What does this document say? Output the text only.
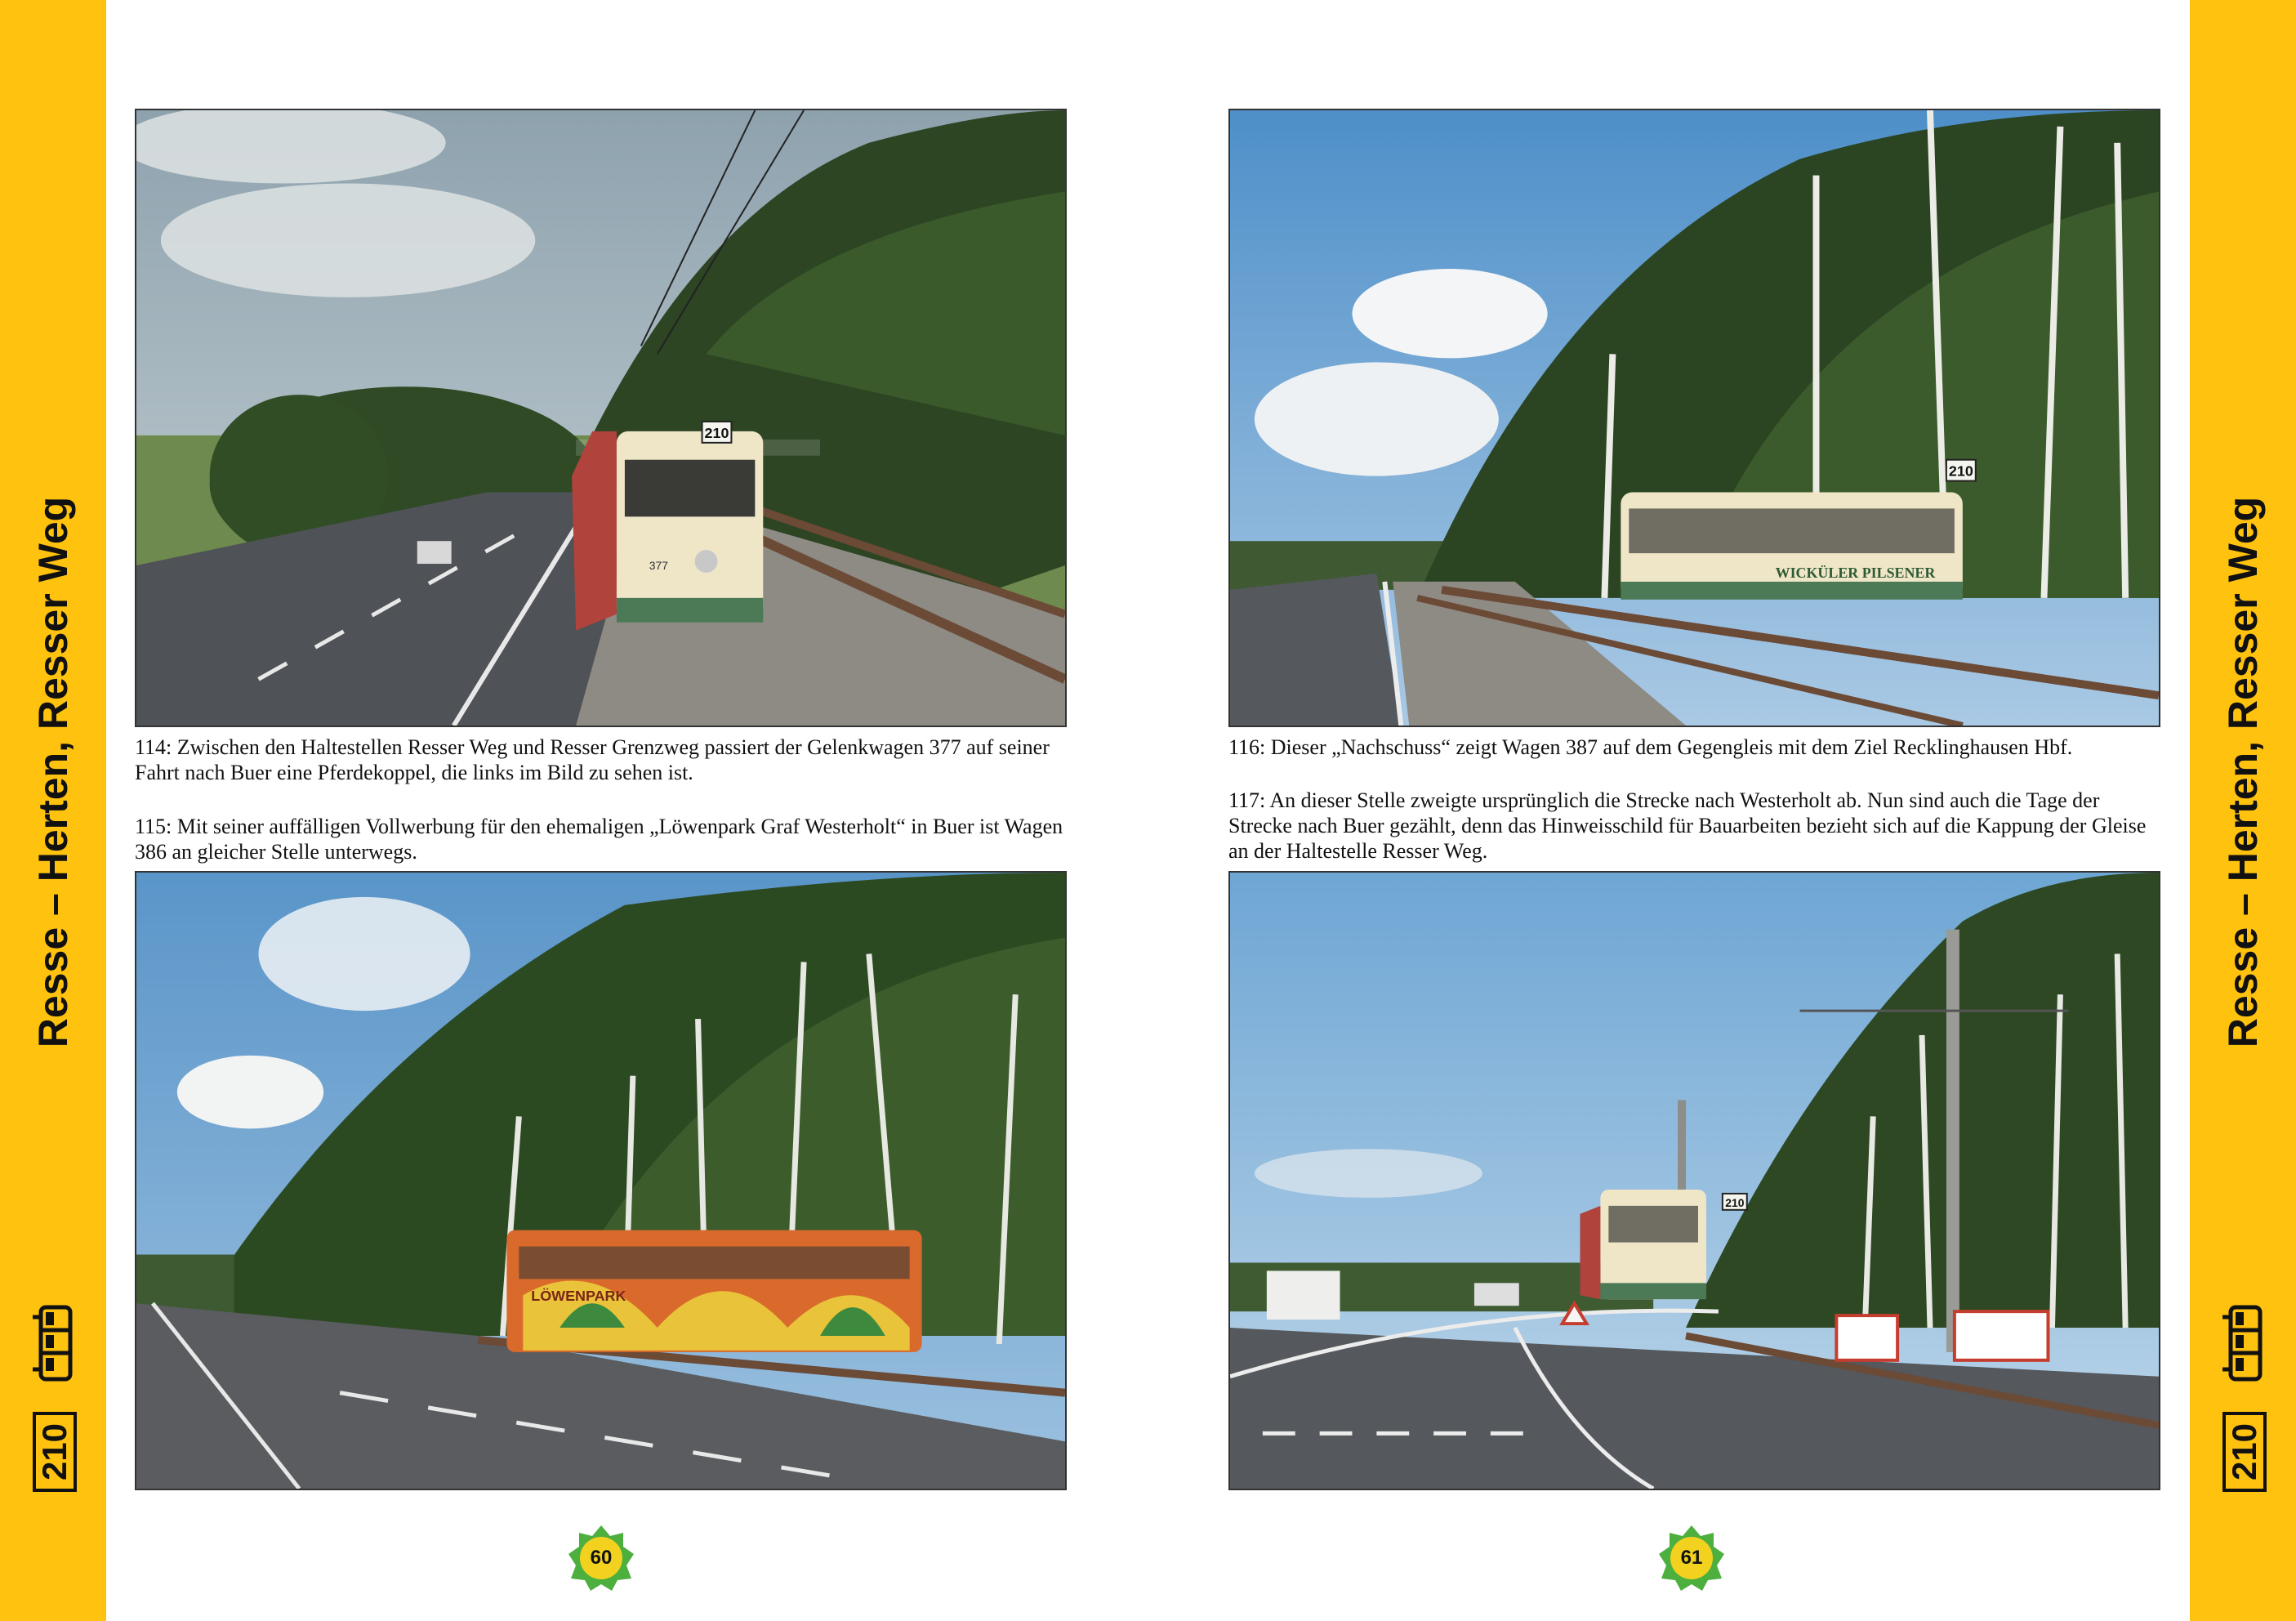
Resse – Herten, Resser Weg
210
Resse – Herten, Resser Weg
210
210
377
114: Zwischen den Haltestellen Resser Weg und Resser Grenzweg passiert der Gelenkwagen 377 auf seiner Fahrt nach Buer eine Pferdekoppel, die links im Bild zu sehen ist.
115: Mit seiner auffälligen Vollwerbung für den ehemaligen „Löwenpark Graf Westerholt“ in Buer ist Wagen 386 an gleicher Stelle unterwegs.
LÖWENPARK
210
WICKÜLER PILSENER
116: Dieser „Nachschuss“ zeigt Wagen 387 auf dem Gegengleis mit dem Ziel Recklinghausen Hbf.
117: An dieser Stelle zweigte ursprünglich die Strecke nach Westerholt ab. Nun sind auch die Tage der Strecke nach Buer gezählt, denn das Hinweisschild für Bauarbeiten bezieht sich auf die Kappung der Gleise an der Haltestelle Resser Weg.
210
60	61
